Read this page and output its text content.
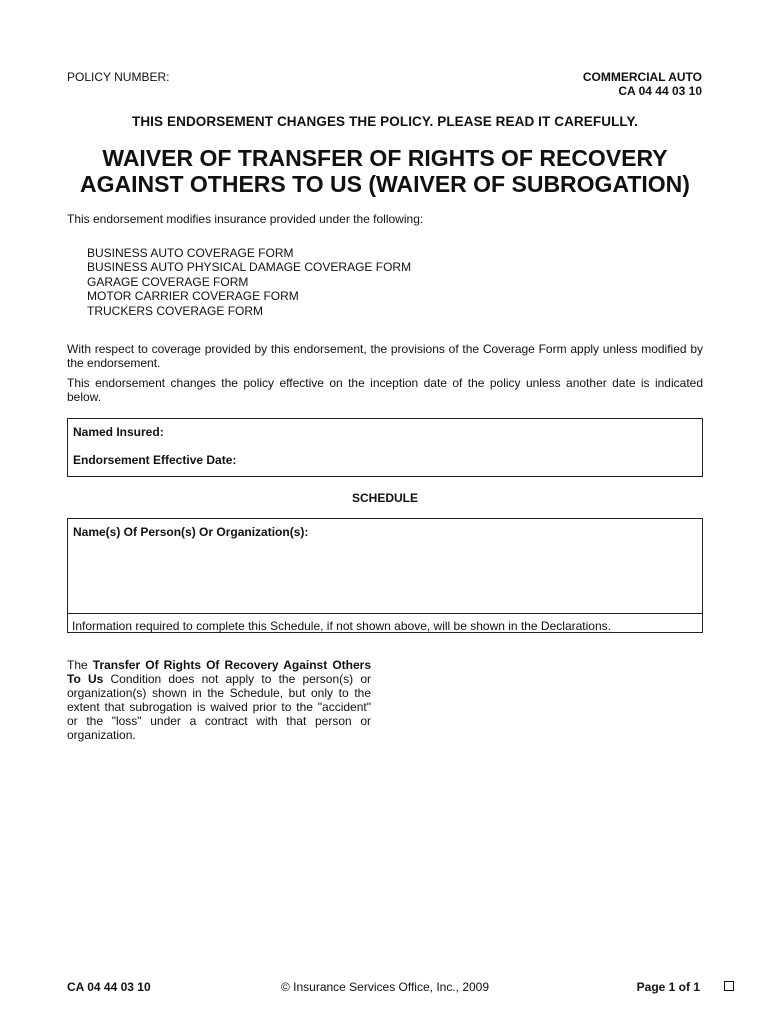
POLICY NUMBER:	COMMERCIAL AUTO
CA 04 44 03 10
THIS ENDORSEMENT CHANGES THE POLICY. PLEASE READ IT CAREFULLY.
WAIVER OF TRANSFER OF RIGHTS OF RECOVERY
AGAINST OTHERS TO US (WAIVER OF SUBROGATION)
This endorsement modifies insurance provided under the following:
BUSINESS AUTO COVERAGE FORM
BUSINESS AUTO PHYSICAL DAMAGE COVERAGE FORM
GARAGE COVERAGE FORM
MOTOR CARRIER COVERAGE FORM
TRUCKERS COVERAGE FORM
With respect to coverage provided by this endorsement, the provisions of the Coverage Form apply unless modified by the endorsement.
This endorsement changes the policy effective on the inception date of the policy unless another date is indicated below.
Named Insured:
Endorsement Effective Date:
SCHEDULE
Name(s) Of Person(s) Or Organization(s):
Information required to complete this Schedule, if not shown above, will be shown in the Declarations.
The Transfer Of Rights Of Recovery Against Others To Us Condition does not apply to the person(s) or organization(s) shown in the Schedule, but only to the extent that subrogation is waived prior to the "accident" or the "loss" under a contract with that person or organization.
CA 04 44 03 10	© Insurance Services Office, Inc., 2009	Page 1 of 1
